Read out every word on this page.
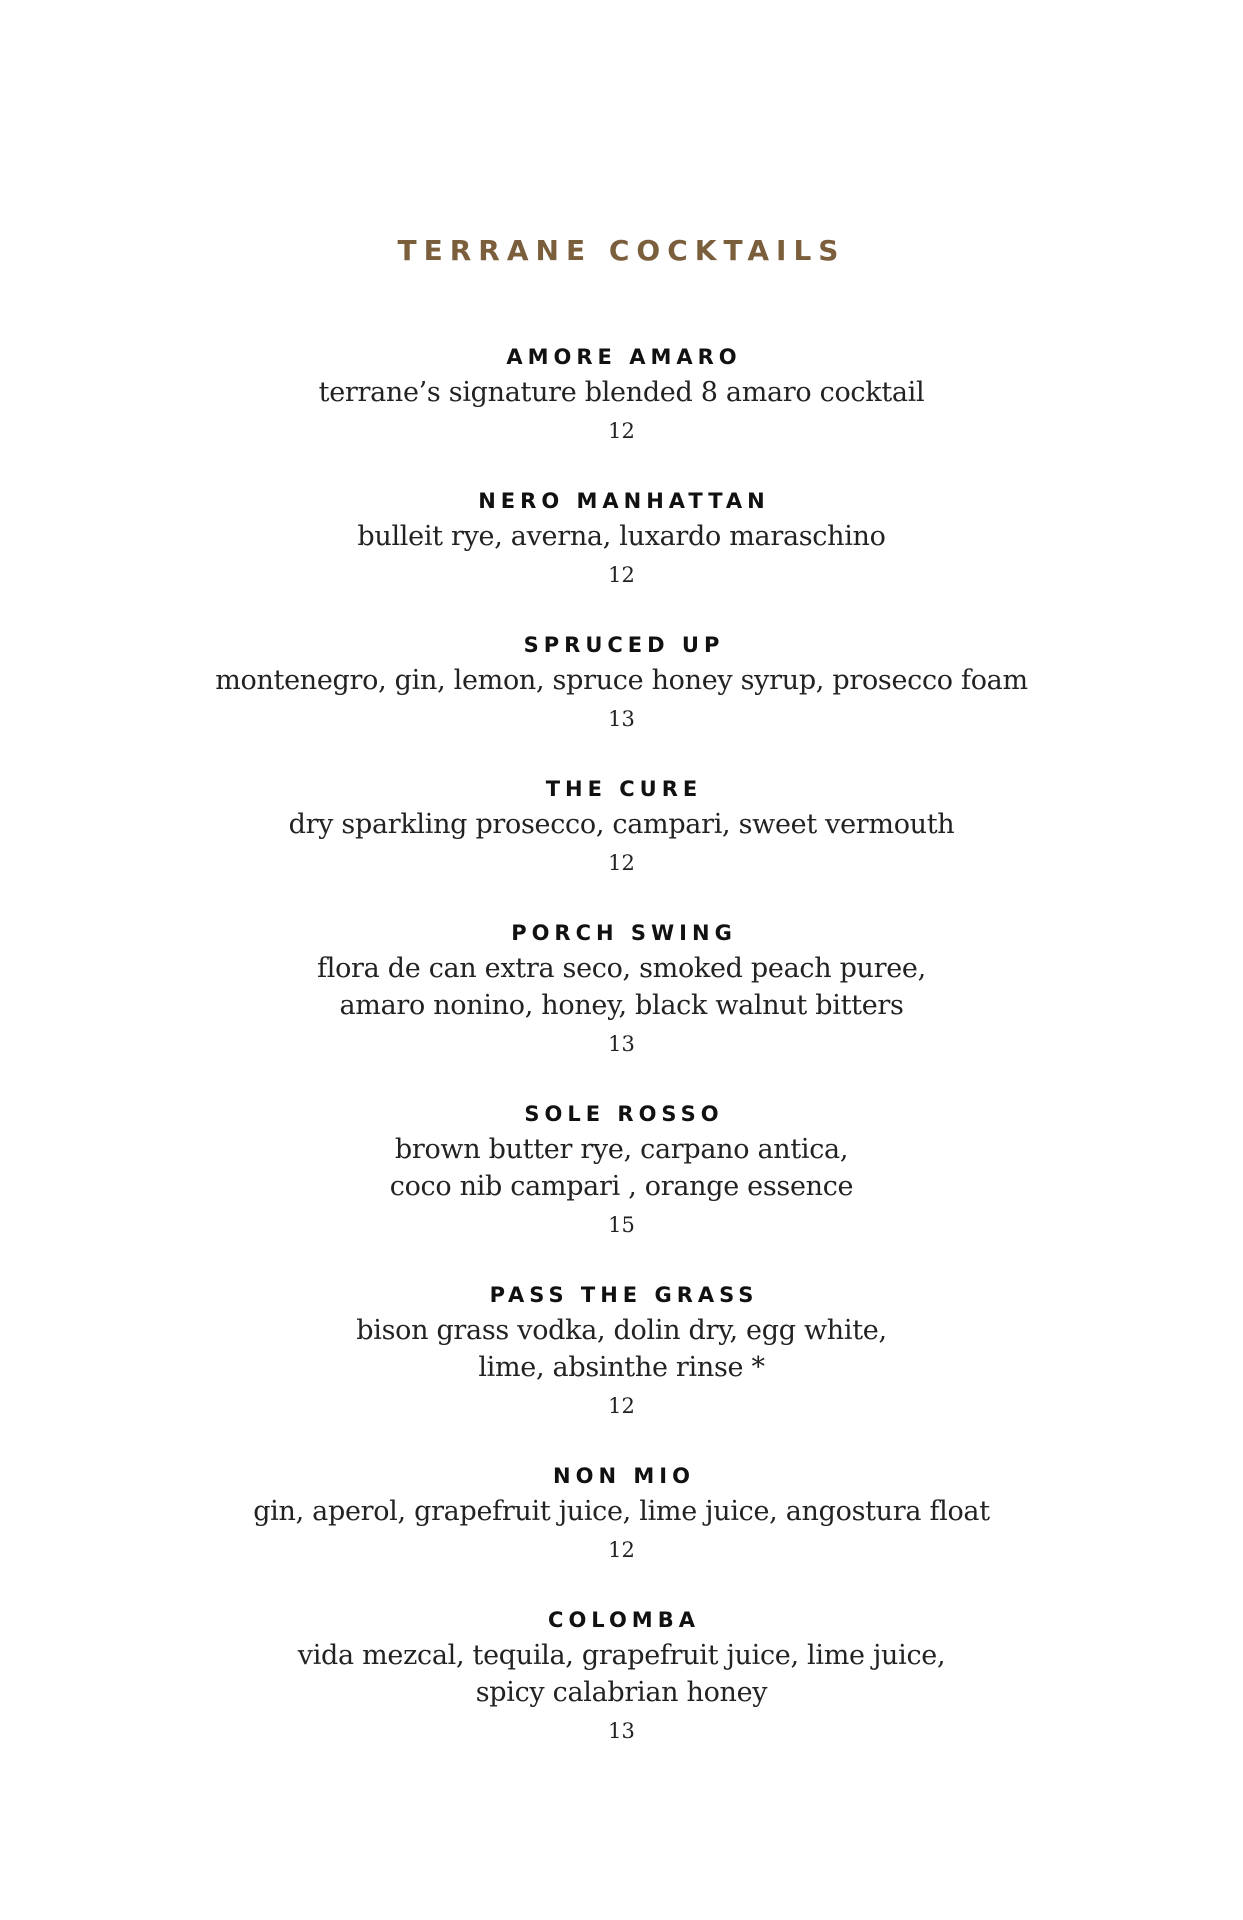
TERRANE COCKTAILS
AMORE AMARO
terrane’s signature blended 8 amaro cocktail
12
NERO MANHATTAN
bulleit rye, averna, luxardo maraschino
12
SPRUCED UP
montenegro, gin, lemon, spruce honey syrup, prosecco foam
13
THE CURE
dry sparkling prosecco, campari, sweet vermouth
12
PORCH SWING
flora de can extra seco, smoked peach puree,
amaro nonino, honey, black walnut bitters
13
SOLE ROSSO
brown butter rye, carpano antica,
coco nib campari , orange essence
15
PASS THE GRASS
bison grass vodka, dolin dry, egg white,
lime, absinthe rinse *
12
NON MIO
gin, aperol, grapefruit juice, lime juice, angostura float
12
COLOMBA
vida mezcal, tequila, grapefruit juice, lime juice,
spicy calabrian honey
13
